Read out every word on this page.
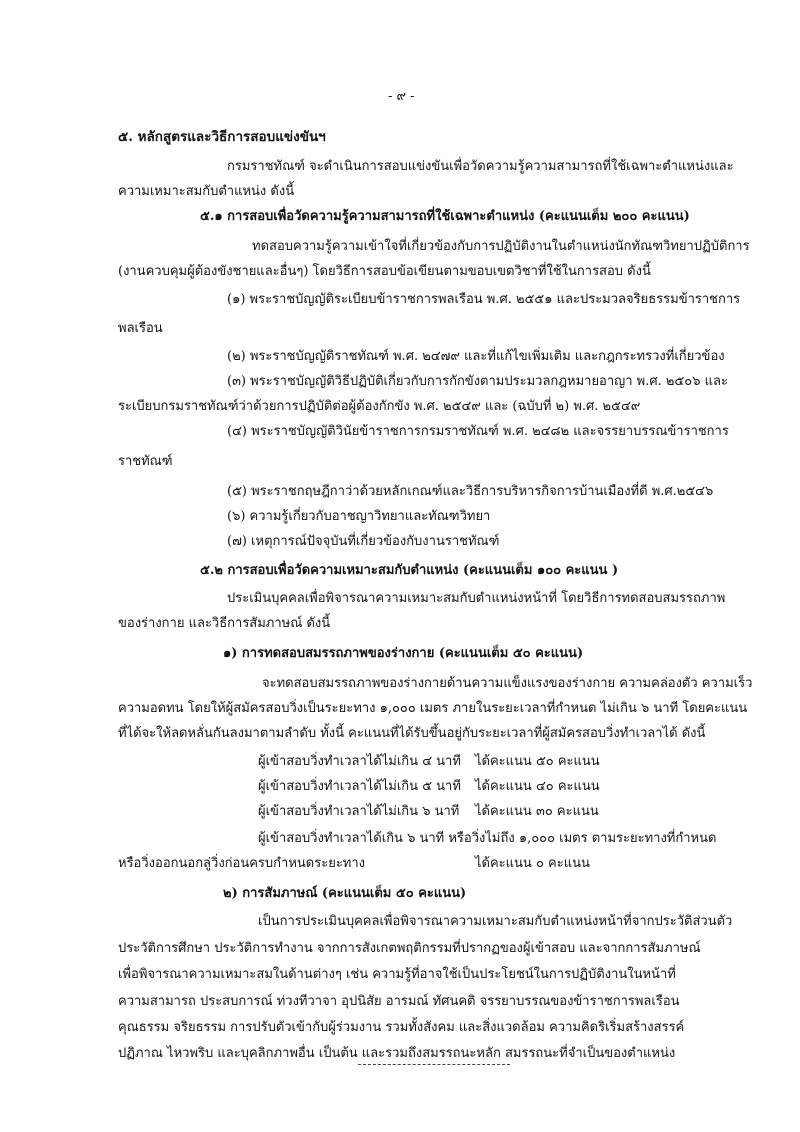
- ๙ -
๕. หลักสูตรและวิธีการสอบแข่งขันฯ
กรมราชทัณฑ์ จะดำเนินการสอบแข่งขันเพื่อวัดความรู้ความสามารถที่ใช้เฉพาะตำแหน่งและ
ความเหมาะสมกับตำแหน่ง ดังนี้
๕.๑ การสอบเพื่อวัดความรู้ความสามารถที่ใช้เฉพาะตำแหน่ง (คะแนนเต็ม ๒๐๐ คะแนน)
ทดสอบความรู้ความเข้าใจที่เกี่ยวข้องกับการปฏิบัติงานในตำแหน่งนักทัณฑวิทยาปฏิบัติการ
(งานควบคุมผู้ต้องขังชายและอื่นๆ) โดยวิธีการสอบข้อเขียนตามขอบเขตวิชาที่ใช้ในการสอบ ดังนี้
(๑) พระราชบัญญัติระเบียบข้าราชการพลเรือน พ.ศ. ๒๕๕๑ และประมวลจริยธรรมข้าราชการ
พลเรือน
(๒) พระราชบัญญัติราชทัณฑ์ พ.ศ. ๒๔๗๙ และที่แก้ไขเพิ่มเติม และกฎกระทรวงที่เกี่ยวข้อง
(๓) พระราชบัญญัติวิธีปฏิบัติเกี่ยวกับการกักขังตามประมวลกฎหมายอาญา พ.ศ. ๒๕๐๖ และ
ระเบียบกรมราชทัณฑ์ว่าด้วยการปฏิบัติต่อผู้ต้องกักขัง พ.ศ. ๒๕๔๙ และ (ฉบับที่ ๒) พ.ศ. ๒๕๔๙
(๔) พระราชบัญญัติวินัยข้าราชการกรมราชทัณฑ์ พ.ศ. ๒๔๘๒ และจรรยาบรรณข้าราชการ
ราชทัณฑ์
(๕) พระราชกฤษฎีกาว่าด้วยหลักเกณฑ์และวิธีการบริหารกิจการบ้านเมืองที่ดี พ.ศ.๒๕๔๖
(๖) ความรู้เกี่ยวกับอาชญาวิทยาและทัณฑวิทยา
(๗) เหตุการณ์ปัจจุบันที่เกี่ยวข้องกับงานราชทัณฑ์
๕.๒ การสอบเพื่อวัดความเหมาะสมกับตำแหน่ง (คะแนนเต็ม ๑๐๐ คะแนน )
ประเมินบุคคลเพื่อพิจารณาความเหมาะสมกับตำแหน่งหน้าที่ โดยวิธีการทดสอบสมรรถภาพ
ของร่างกาย และวิธีการสัมภาษณ์ ดังนี้
๑) การทดสอบสมรรถภาพของร่างกาย (คะแนนเต็ม ๕๐ คะแนน)
จะทดสอบสมรรถภาพของร่างกายด้านความแข็งแรงของร่างกาย ความคล่องตัว ความเร็ว
ความอดทน โดยให้ผู้สมัครสอบวิ่งเป็นระยะทาง ๑,๐๐๐ เมตร ภายในระยะเวลาที่กำหนด ไม่เกิน ๖ นาที โดยคะแนน
ที่ได้จะให้ลดหลั่นกันลงมาตามลำดับ ทั้งนี้ คะแนนที่ได้รับขึ้นอยู่กับระยะเวลาที่ผู้สมัครสอบวิ่งทำเวลาได้ ดังนี้
ผู้เข้าสอบวิ่งทำเวลาได้ไม่เกิน ๔ นาที ได้คะแนน ๕๐ คะแนน
ผู้เข้าสอบวิ่งทำเวลาได้ไม่เกิน ๕ นาที ได้คะแนน ๔๐ คะแนน
ผู้เข้าสอบวิ่งทำเวลาได้ไม่เกิน ๖ นาที ได้คะแนน ๓๐ คะแนน
ผู้เข้าสอบวิ่งทำเวลาได้เกิน ๖ นาที หรือวิ่งไม่ถึง ๑,๐๐๐ เมตร ตามระยะทางที่กำหนด
หรือวิ่งออกนอกลู่วิ่งก่อนครบกำหนดระยะทาง	ได้คะแนน ๐ คะแนน
๒) การสัมภาษณ์ (คะแนนเต็ม ๕๐ คะแนน)
เป็นการประเมินบุคคลเพื่อพิจารณาความเหมาะสมกับตำแหน่งหน้าที่จากประวัติส่วนตัว
ประวัติการศึกษา ประวัติการทำงาน จากการสังเกตพฤติกรรมที่ปรากฏของผู้เข้าสอบ และจากการสัมภาษณ์
เพื่อพิจารณาความเหมาะสมในด้านต่างๆ เช่น ความรู้ที่อาจใช้เป็นประโยชน์ในการปฏิบัติงานในหน้าที่
ความสามารถ ประสบการณ์ ท่วงทีวาจา อุปนิสัย อารมณ์ ทัศนคติ จรรยาบรรณของข้าราชการพลเรือน
คุณธรรม จริยธรรม การปรับตัวเข้ากับผู้ร่วมงาน รวมทั้งสังคม และสิ่งแวดล้อม ความคิดริเริ่มสร้างสรรค์
ปฏิภาณ ไหวพริบ และบุคลิกภาพอื่น เป็นต้น และรวมถึงสมรรถนะหลัก สมรรถนะที่จำเป็นของตำแหน่ง
